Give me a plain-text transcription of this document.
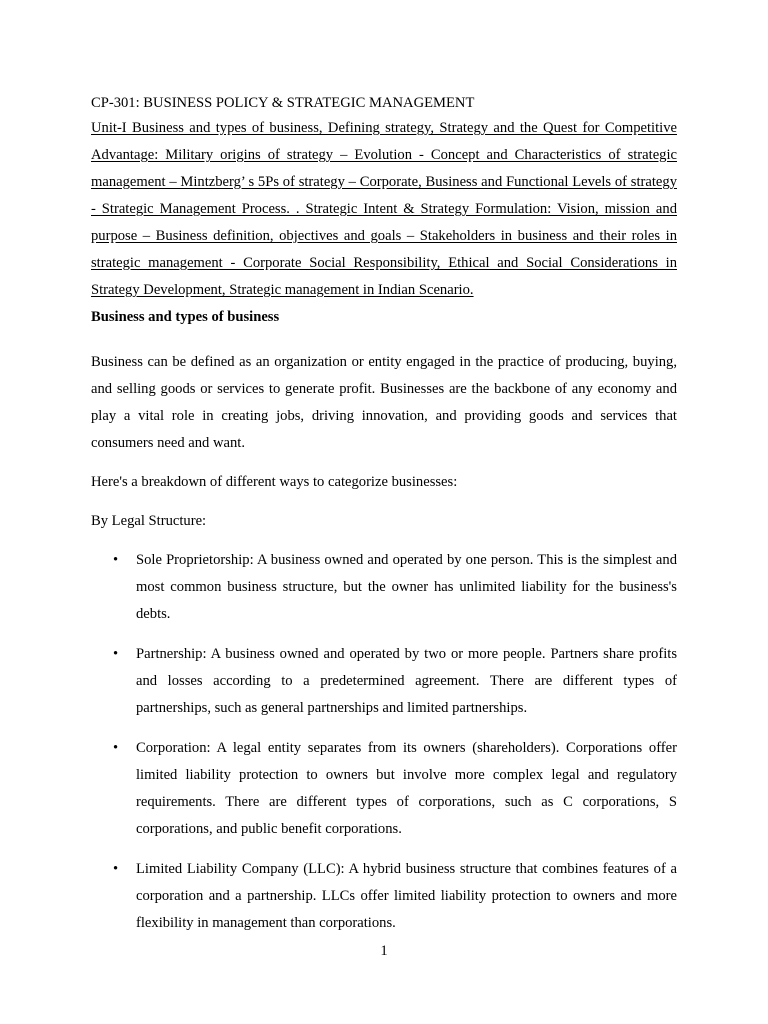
CP-301: BUSINESS POLICY & STRATEGIC MANAGEMENT

Unit-I Business and types of business, Defining strategy, Strategy and the Quest for Competitive Advantage: Military origins of strategy – Evolution - Concept and Characteristics of strategic management – Mintzberg’ s 5Ps of strategy – Corporate, Business and Functional Levels of strategy - Strategic Management Process. . Strategic Intent & Strategy Formulation: Vision, mission and purpose – Business definition, objectives and goals – Stakeholders in business and their roles in strategic management - Corporate Social Responsibility, Ethical and Social Considerations in Strategy Development, Strategic management in Indian Scenario.

Business and types of business

Business can be defined as an organization or entity engaged in the practice of producing, buying, and selling goods or services to generate profit. Businesses are the backbone of any economy and play a vital role in creating jobs, driving innovation, and providing goods and services that consumers need and want.

Here's a breakdown of different ways to categorize businesses:

By Legal Structure:

• Sole Proprietorship: A business owned and operated by one person. This is the simplest and most common business structure, but the owner has unlimited liability for the business's debts.
• Partnership: A business owned and operated by two or more people. Partners share profits and losses according to a predetermined agreement. There are different types of partnerships, such as general partnerships and limited partnerships.
• Corporation: A legal entity separates from its owners (shareholders). Corporations offer limited liability protection to owners but involve more complex legal and regulatory requirements. There are different types of corporations, such as C corporations, S corporations, and public benefit corporations.
• Limited Liability Company (LLC): A hybrid business structure that combines features of a corporation and a partnership. LLCs offer limited liability protection to owners and more flexibility in management than corporations.
1
